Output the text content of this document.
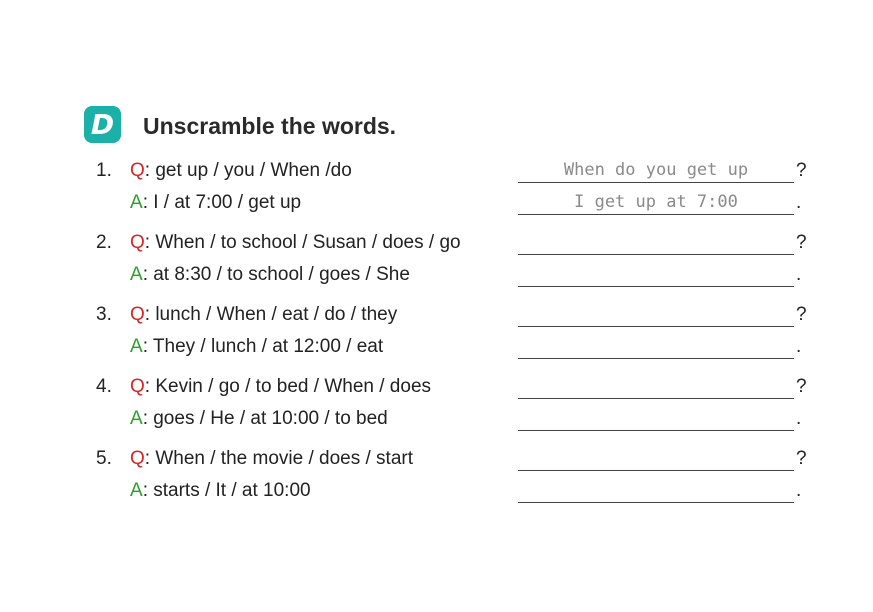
D Unscramble the words.
1. Q: get up / you / When /do	When do you get up	?
A: I / at 7:00 / get up	I get up at 7:00	.
2. Q: When / to school / Susan / does / go	?
A: at 8:30 / to school / goes / She	.
3. Q: lunch / When / eat / do / they	?
A: They / lunch / at 12:00 / eat	.
4. Q: Kevin / go / to bed / When / does	?
A: goes / He / at 10:00 / to bed	.
5. Q: When / the movie / does / start	?
A: starts / It / at 10:00	.
